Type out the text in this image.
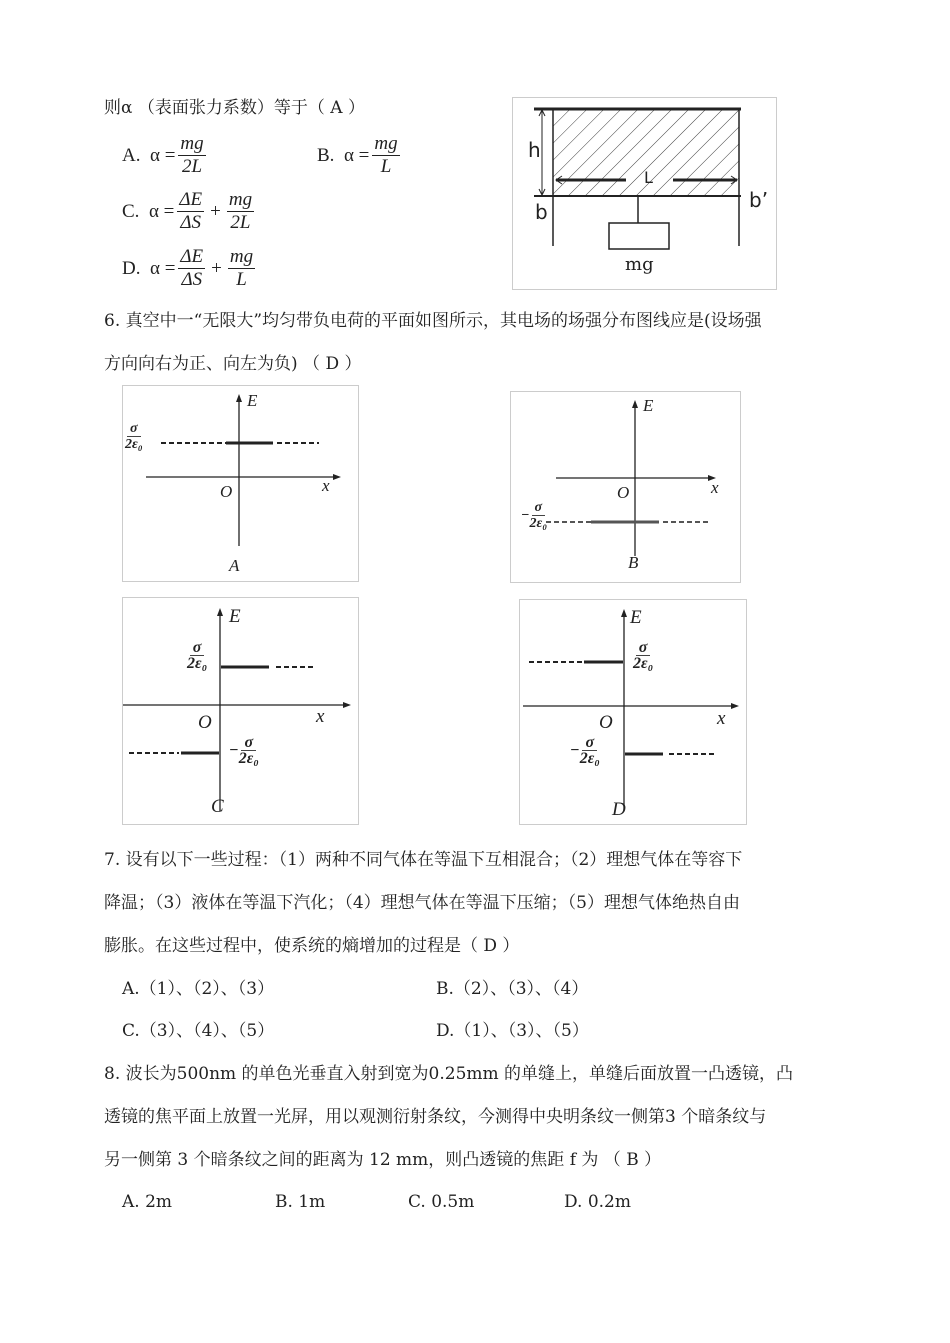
则α （表面张力系数）等于（ A ）
A.
$\alpha = \frac{mg}{2L}$	B.
$\alpha = \frac{mg}{L}$
C.
$\alpha = \frac{\Delta E}{\Delta S} + \frac{mg}{2L}$
D.
$\alpha = \frac{\Delta E}{\Delta S} + \frac{mg}{L}$
h
L
b	b’
mg
6. 真空中一“无限大”均匀带负电荷的平面如图所示，其电场的场强分布图线应是(设场强
方向向右为正、向左为负) （ D ）
E
σ
2ε₀
O	x
A
E
− $\frac{\sigma}{\text{2ε₀}}$
O	x
B
E
σ
2ε₀
O	x
− $\frac{\sigma}{\text{2ε₀}}$
C
E
σ
2ε₀
O	x
− $\frac{\sigma}{\text{2ε₀}}$
D
7. 设有以下一些过程：（1）两种不同气体在等温下互相混合；（2）理想气体在等容下
降温；（3）液体在等温下汽化；（4）理想气体在等温下压缩；（5）理想气体绝热自由
膨胀。在这些过程中，使系统的熵增加的过程是（ D ）
A.（1）、（2）、（3）	B.（2）、（3）、（4）
C.（3）、（4）、（5）	D.（1）、（3）、（5）
8. 波长为500nm 的单色光垂直入射到宽为0.25mm 的单缝上，单缝后面放置一凸透镜，凸
透镜的焦平面上放置一光屏，用以观测衍射条纹，今测得中央明条纹一侧第3 个暗条纹与
另一侧第 3 个暗条纹之间的距离为 12 mm，则凸透镜的焦距 f 为 （ B ）
A. 2m	B. 1m	C. 0.5m	D. 0.2m
